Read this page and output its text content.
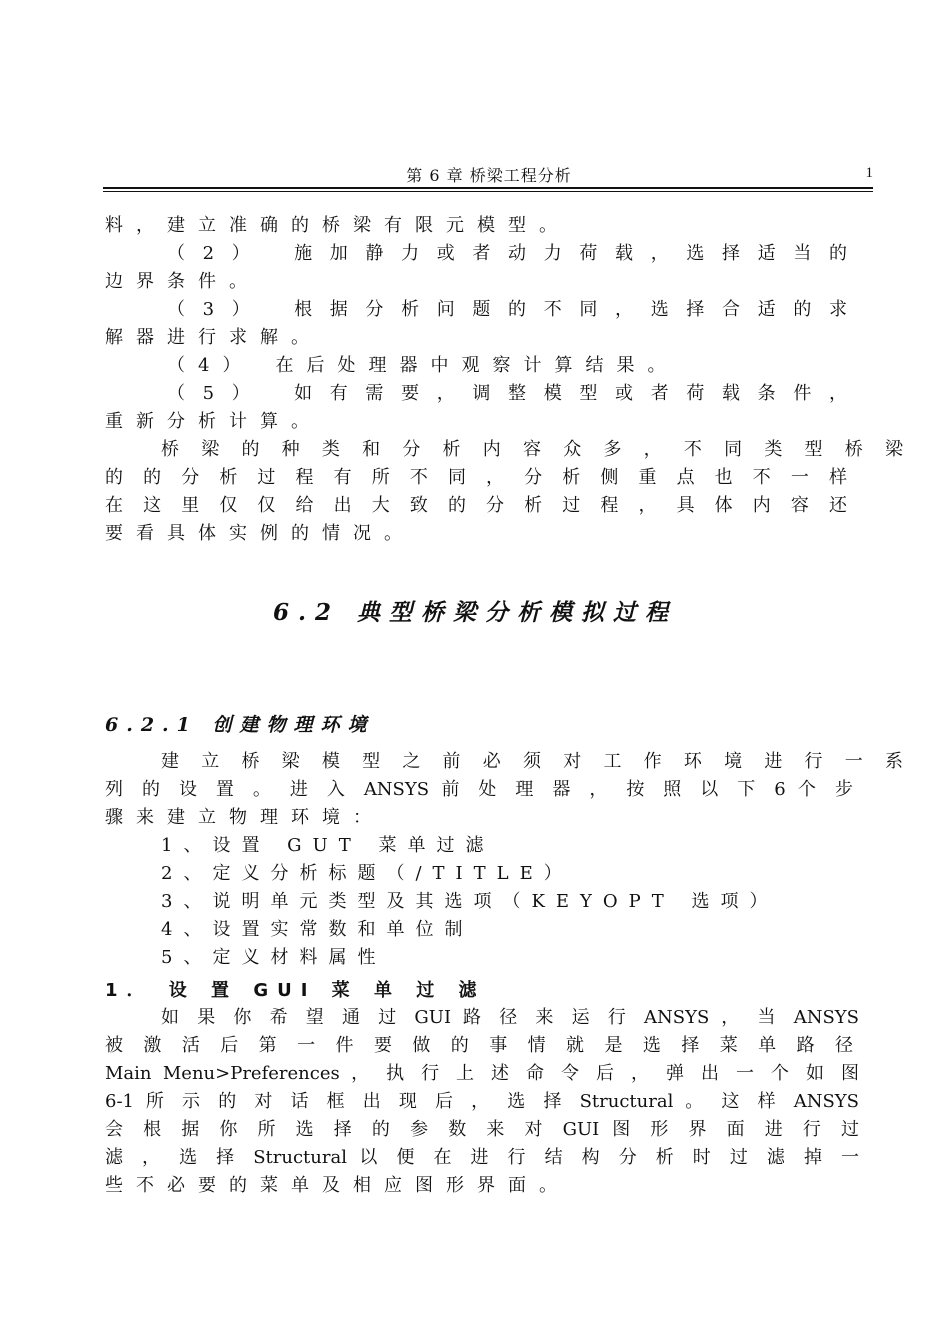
第 6 章 桥梁工程分析	1
料，建立准确的桥梁有限元模型。
（2）　施加静力或者动力荷载，选择适当的
边界条件。
（3）　根据分析问题的不同，选择合适的求
解器进行求解。
（4）　在后处理器中观察计算结果。
（5）　如有需要，调整模型或者荷载条件，
重新分析计算。
桥梁的种类和分析内容众多，不同类型桥梁
的的分析过程有所不同，分析侧重点也不一样
在这里仅仅给出大致的分析过程，具体内容还
要看具体实例的情况。
6.2 典型桥梁分析模拟过程
6.2.1 创建物理环境
建立桥梁模型之前必须对工作环境进行一系
列 的 设 置 。 进 入 ANSYS 前 处 理 器 ， 按 照 以 下 6 个 步
骤来建立物理环境：
1、设置 GUT 菜单过滤
2、定义分析标题（/TITLE）
3、说明单元类型及其选项（KEYOPT 选项）
4、设置实常数和单位制
5、定义材料属性
1． 设 置 GUI 菜 单 过 滤
如 果 你 希 望 通 过 GUI 路 径 来 运 行 ANSYS ， 当 ANSYS
被激活后第一件要做的事情就是选择菜单路径
Main Menu>Preferences ， 执 行 上 述 命 令 后 ， 弹 出 一 个 如 图
6-1 所 示 的 对 话 框 出 现 后 ， 选 择 Structural 。 这 样 ANSYS
会 根 据 你 所 选 择 的 参 数 来 对 GUI 图 形 界 面 进 行 过
滤 ， 选 择 Structural 以 便 在 进 行 结 构 分 析 时 过 滤 掉 一
些不必要的菜单及相应图形界面。
